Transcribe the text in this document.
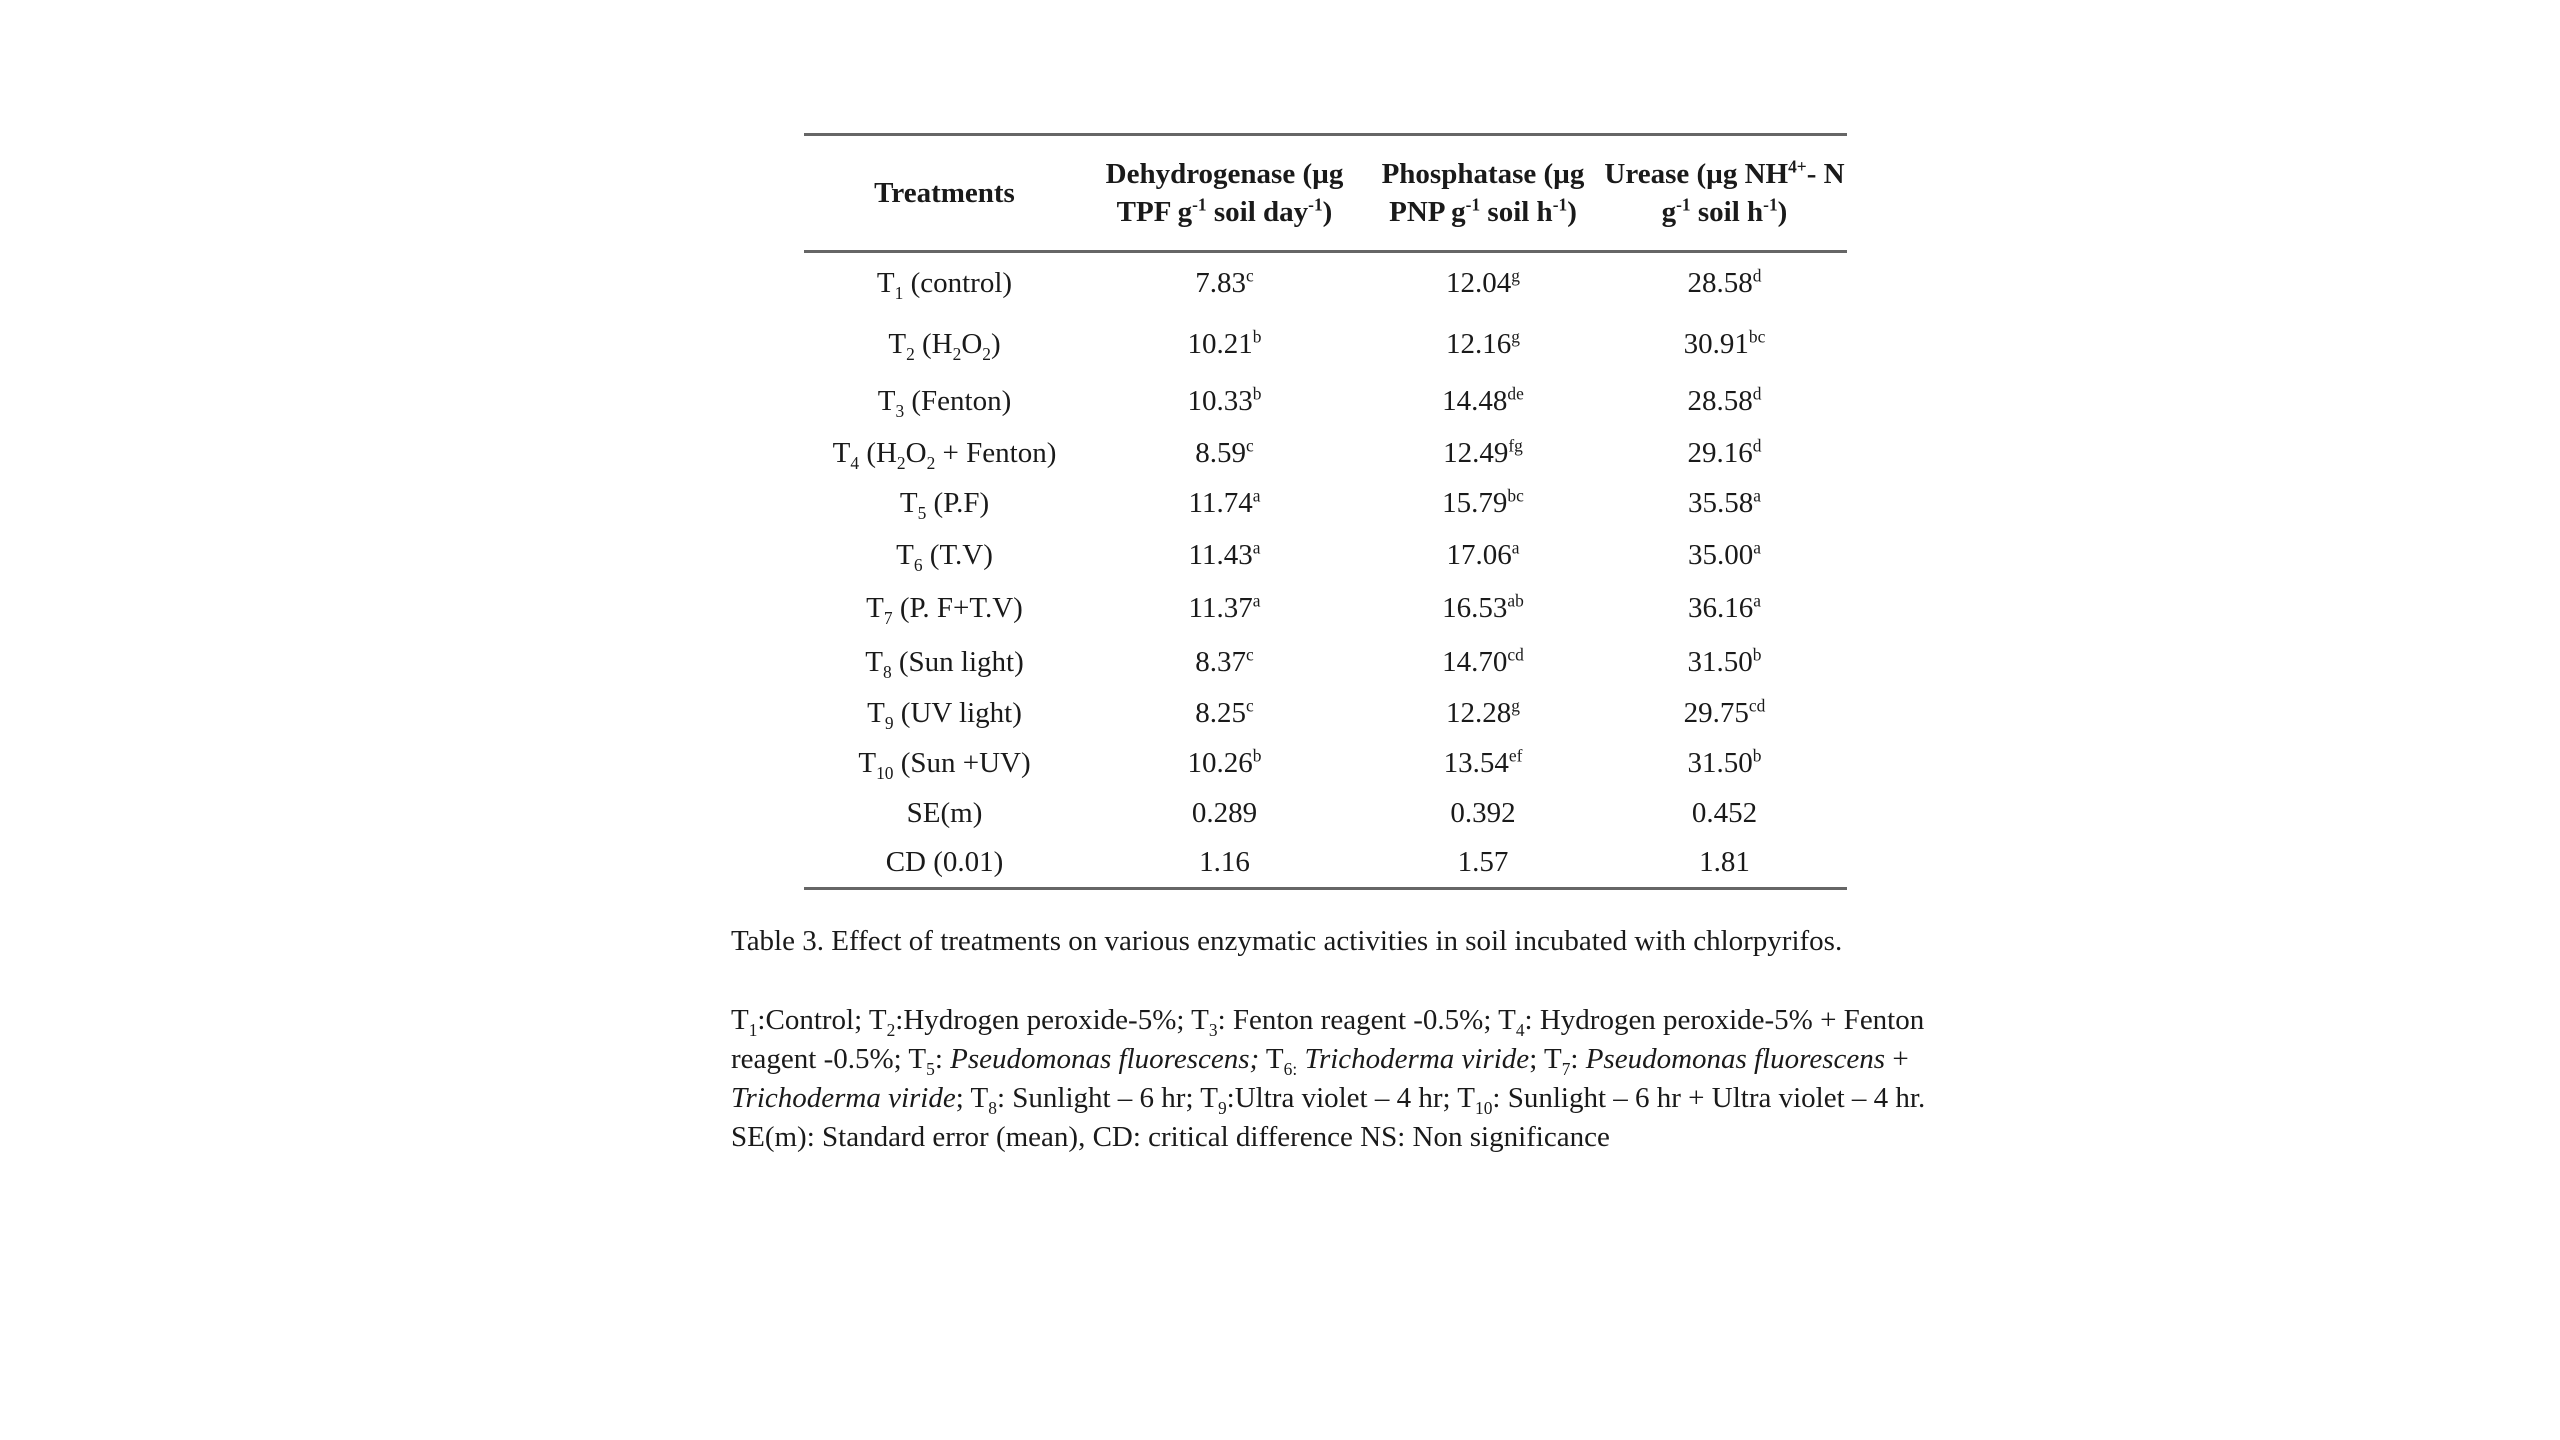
Treatments	Dehydrogenase (µg TPF $g^{-1}$ soil day$^{-1}$)	Phosphatase (µg PNP $g^{-1}$ soil $h^{-1}$)	Urease (µg $NH^{4+}-$ N $g^{-1}$ soil $h^{-1}$)
$T_1$ (control)	7.83$^c$	12.04$^g$	28.58$^d$
$T_2$ $(H_2O_2)$	10.21$^b$	12.16$^g$	30.91$^{bc}$
$T_3$ (Fenton)	10.33$^b$	14.48de	28.58$^d$
$T_4$ ($H_2O_2$ + Fenton)	8.59$^c$	12.49$^{fg}$	29.16$^d$
$T_5$ (P.F)	11.74$^a$	15.79$^{bc}$	35.58$^a$
$T_6$ (T.V)	11.43$^a$	17.06$^a$	35.00$^a$
$T_7$ (P. F+T.V)	11.37$^a$	16.53$^{ab}$	36.16$^a$
$T_8$ (Sun light)	8.37$^c$	14.70$^{cd}$	31.50$^b$
$T_9$ (UV light)	8.25$^c$	12.28$^g$	29.75$^{cd}$
$T_{10}$ (Sun +UV)	10.26$^b$	13.54$^{ef}$	31.50$^b$
SE(m)	0.289	0.392	0.452
CD (0.01)	1.16	1.57	1.81
Table 3. Effect of treatments on various enzymatic activities in soil incubated with chlorpyrifos.
$T_1:Control$; $T_2:Hydrogen$ peroxide-5%; $T_3$: Fenton reagent -0.5%; $T_4$: Hydrogen peroxide-5% + Fenton reagent -0.5%; $T_5$: Pseudomonas fluorescens; $T_{6:}$ Trichoderma viride; $T_7$: Pseudomonas fluorescens + Trichoderma viride; $T_8$: Sunlight – 6 hr; $T_9:Ultra$ violet – 4 hr; $T_{10}$: Sunlight – 6 hr + Ultra violet – 4 hr.
SE(m): Standard error (mean), CD: critical difference NS: Non significance
